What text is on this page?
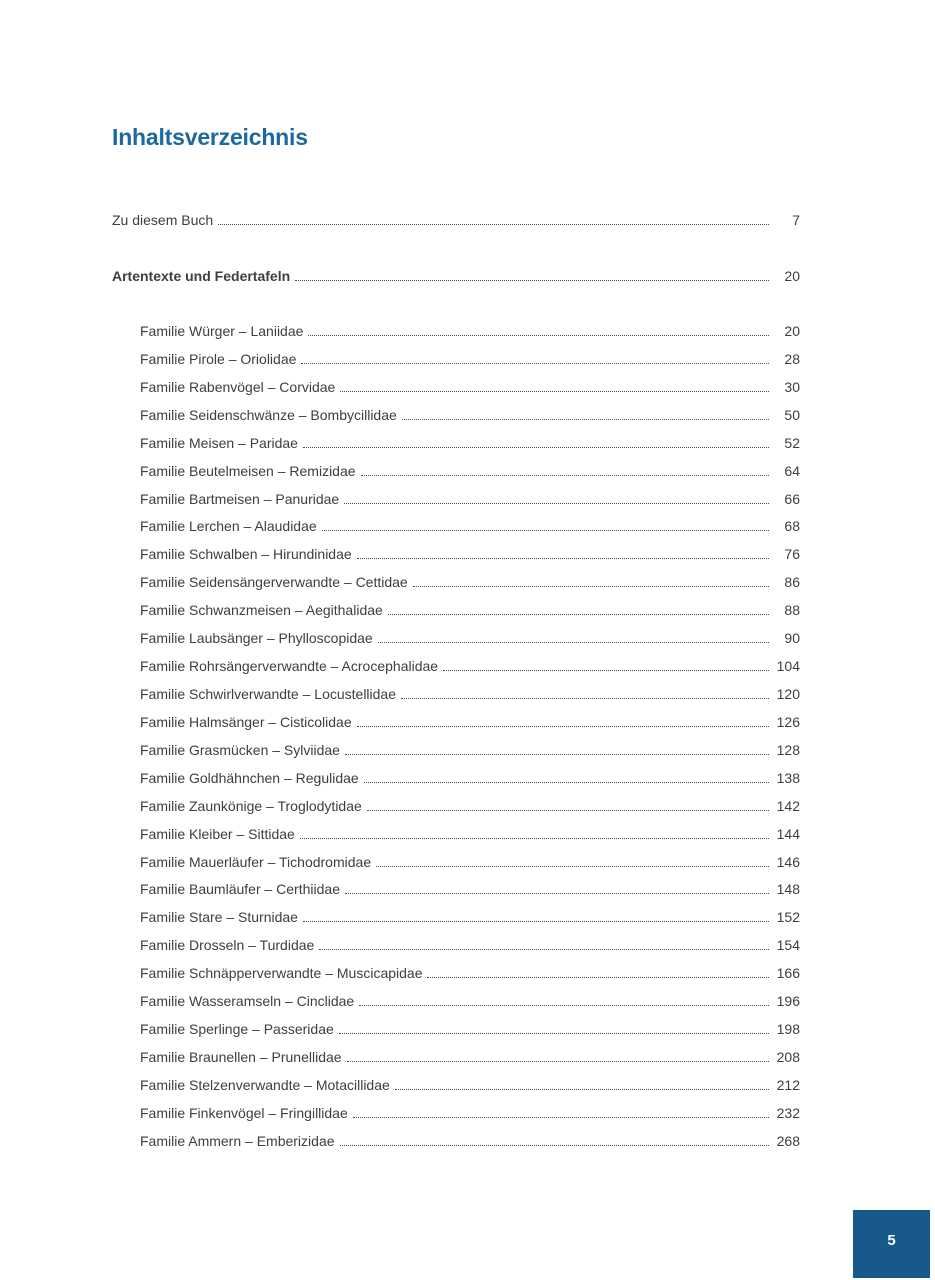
Inhaltsverzeichnis
Zu diesem Buch	7
Artentexte und Federtafeln	20
Familie Würger – Laniidae	20
Familie Pirole – Oriolidae	28
Familie Rabenvögel – Corvidae	30
Familie Seidenschwänze – Bombycillidae	50
Familie Meisen – Paridae	52
Familie Beutelmeisen – Remizidae	64
Familie Bartmeisen – Panuridae	66
Familie Lerchen – Alaudidae	68
Familie Schwalben – Hirundinidae	76
Familie Seidensängerverwandte – Cettidae	86
Familie Schwanzmeisen – Aegithalidae	88
Familie Laubsänger – Phylloscopidae	90
Familie Rohrsängerverwandte – Acrocephalidae	104
Familie Schwirlverwandte – Locustellidae	120
Familie Halmsänger – Cisticolidae	126
Familie Grasmücken – Sylviidae	128
Familie Goldhähnchen – Regulidae	138
Familie Zaunkönige – Troglodytidae	142
Familie Kleiber – Sittidae	144
Familie Mauerläufer – Tichodromidae	146
Familie Baumläufer – Certhiidae	148
Familie Stare – Sturnidae	152
Familie Drosseln – Turdidae	154
Familie Schnäpperverwandte – Muscicapidae	166
Familie Wasseramseln – Cinclidae	196
Familie Sperlinge – Passeridae	198
Familie Braunellen – Prunellidae	208
Familie Stelzenverwandte – Motacillidae	212
Familie Finkenvögel – Fringillidae	232
Familie Ammern – Emberizidae	268
5
